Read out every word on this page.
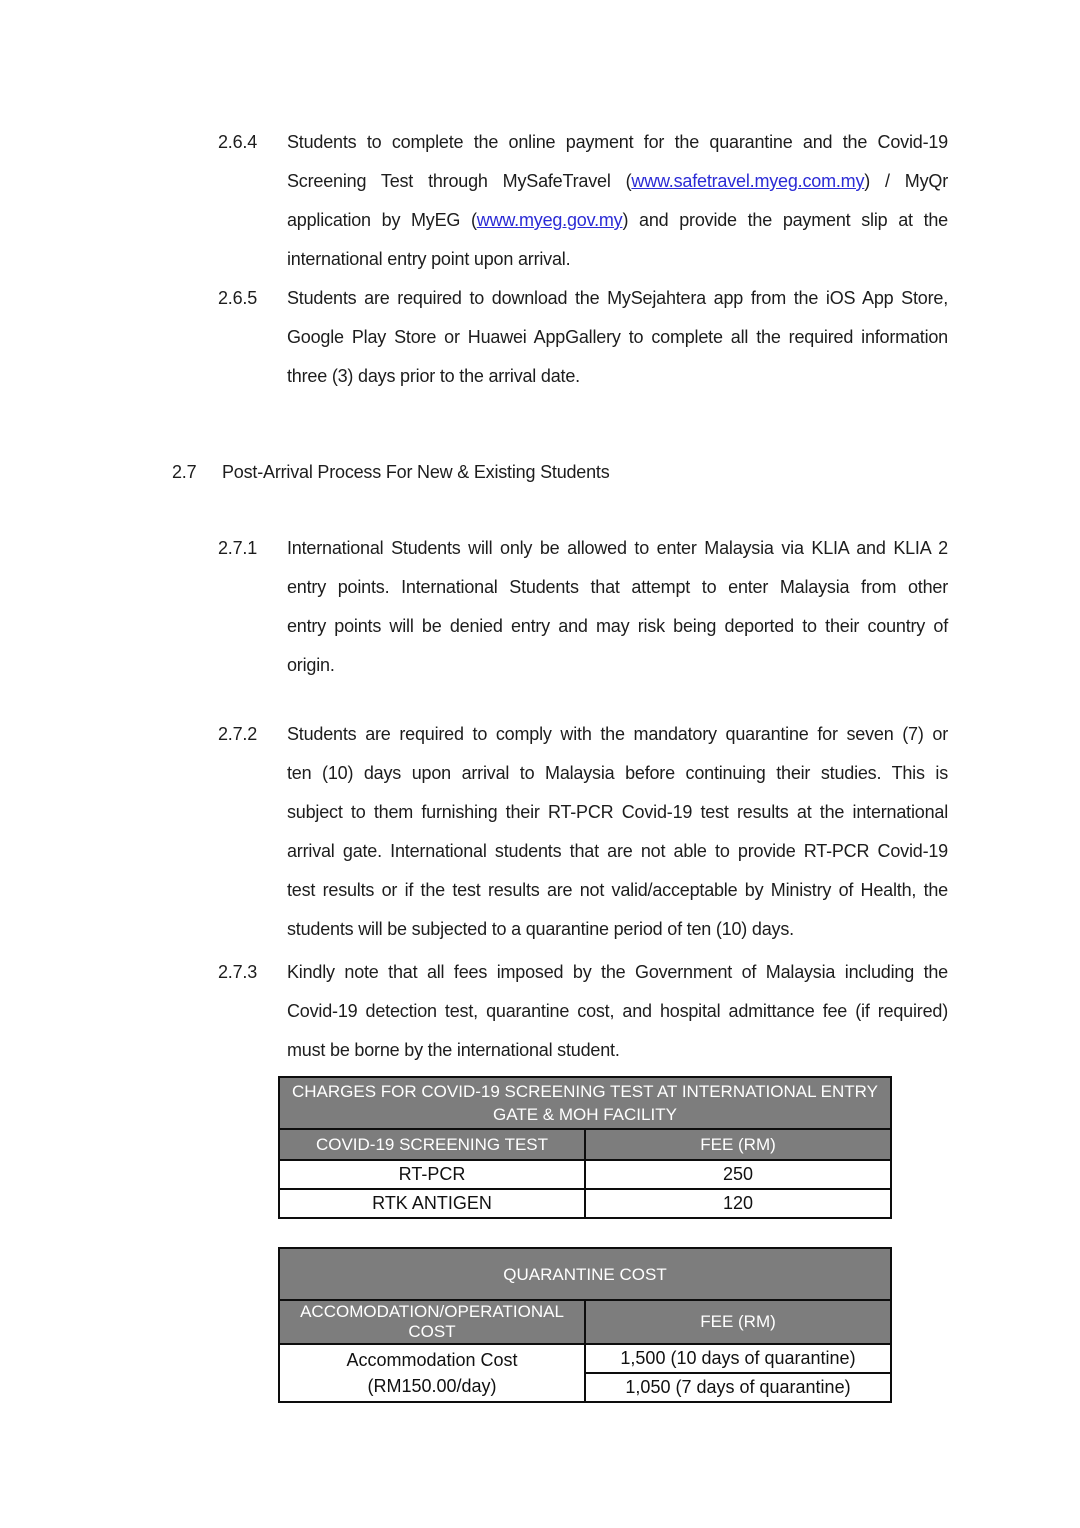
2.6.4	Students to complete the online payment for the quarantine and the Covid-19
Screening Test through MySafeTravel (www.safetravel.myeg.com.my) / MyQr
application by MyEG (www.myeg.gov.my) and provide the payment slip at the
international entry point upon arrival.
2.6.5	Students are required to download the MySejahtera app from the iOS App Store,
Google Play Store or Huawei AppGallery to complete all the required information
three (3) days prior to the arrival date.
2.7	Post-Arrival Process For New & Existing Students
2.7.1	International Students will only be allowed to enter Malaysia via KLIA and KLIA 2
entry points. International Students that attempt to enter Malaysia from other
entry points will be denied entry and may risk being deported to their country of
origin.
2.7.2	Students are required to comply with the mandatory quarantine for seven (7) or
ten (10) days upon arrival to Malaysia before continuing their studies. This is
subject to them furnishing their RT-PCR Covid-19 test results at the international
arrival gate. International students that are not able to provide RT-PCR Covid-19
test results or if the test results are not valid/acceptable by Ministry of Health, the
students will be subjected to a quarantine period of ten (10) days.
2.7.3	Kindly note that all fees imposed by the Government of Malaysia including the
Covid-19 detection test, quarantine cost, and hospital admittance fee (if required)
must be borne by the international student.
CHARGES FOR COVID-19 SCREENING TEST AT INTERNATIONAL ENTRY
GATE & MOH FACILITY	

COVID-19 SCREENING TEST	FEE (RM)
RT-PCR	250
RTK ANTIGEN	120
QUARANTINE COST	
ACCOMODATION/OPERATIONAL COST	FEE (RM)

Accommodation Cost
(RM150.00/day)	1,500 (10 days of quarantine)
	1,050 (7 days of quarantine)
